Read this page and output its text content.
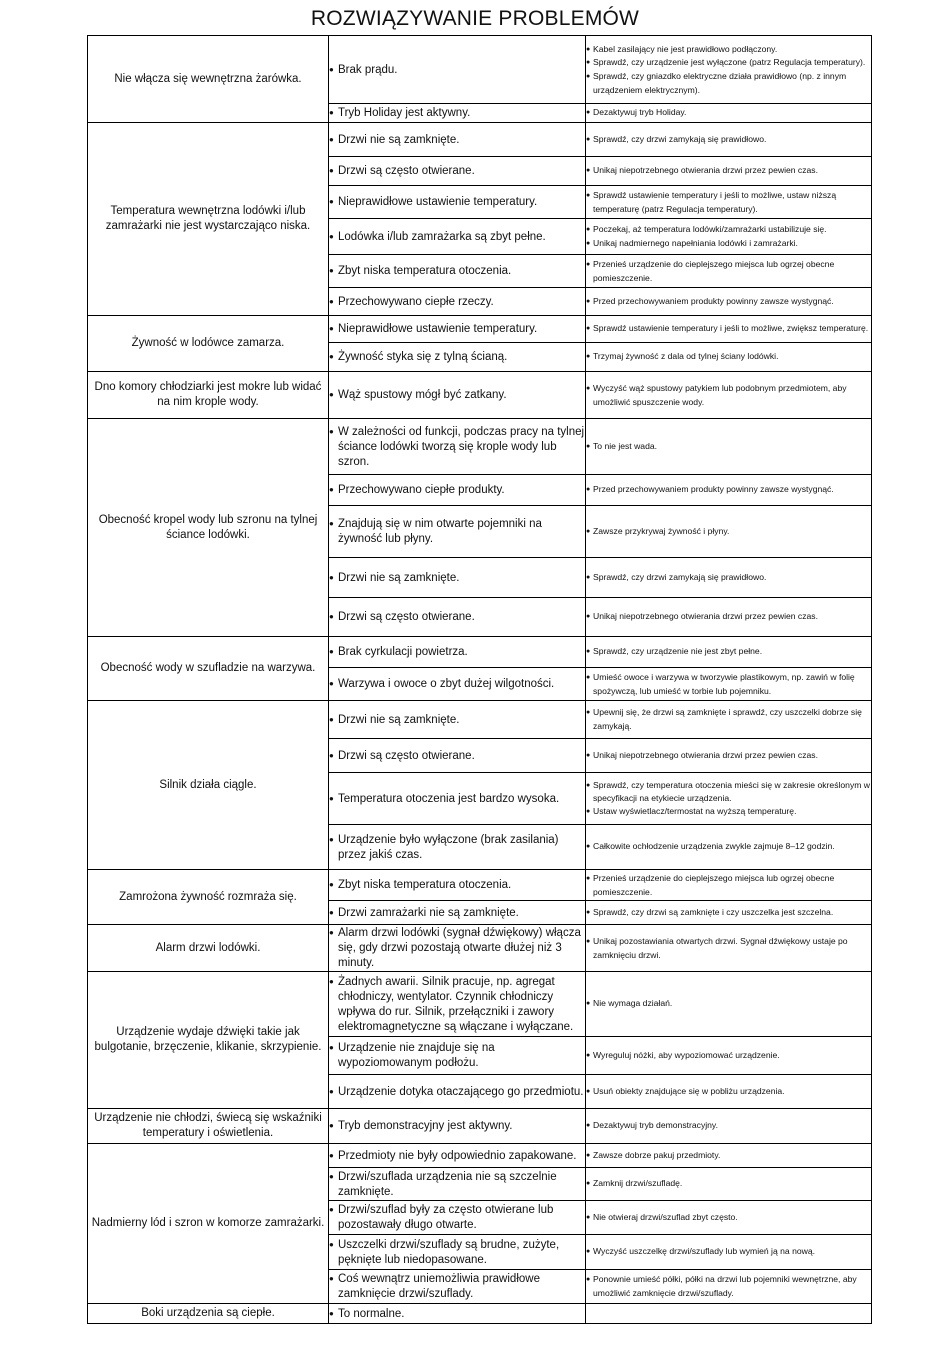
ROZWIĄZYWANIE PROBLEMÓW
Nie włącza się wewnętrzna żarówka.	● Brak prądu.	● Kabel zasilający nie jest prawidłowo podłączony.
● Sprawdź, czy urządzenie jest wyłączone (patrz Regulacja temperatury).
● Sprawdź, czy gniazdko elektryczne działa prawidłowo (np. z innym urządzeniem elektrycznym).

	● Tryb Holiday jest aktywny.	● Dezaktywuj tryb Holiday.

Temperatura wewnętrzna lodówki i/lub zamrażarki nie jest wystarczająco niska.	● Drzwi nie są zamknięte.	● Sprawdź, czy drzwi zamykają się prawidłowo.

	● Drzwi są często otwierane.	● Unikaj niepotrzebnego otwierania drzwi przez pewien czas.

	● Nieprawidłowe ustawienie temperatury.	● Sprawdź ustawienie temperatury i jeśli to możliwe, ustaw niższą temperaturę (patrz Regulacja temperatury).

	● Lodówka i/lub zamrażarka są zbyt pełne.	● Poczekaj, aż temperatura lodówki/zamrażarki ustabilizuje się.
● Unikaj nadmiernego napełniania lodówki i zamrażarki.

	● Zbyt niska temperatura otoczenia.	● Przenieś urządzenie do cieplejszego miejsca lub ogrzej obecne pomieszczenie.

	● Przechowywano ciepłe rzeczy.	● Przed przechowywaniem produkty powinny zawsze wystygnąć.

Żywność w lodówce zamarza.	● Nieprawidłowe ustawienie temperatury.	● Sprawdź ustawienie temperatury i jeśli to możliwe, zwiększ temperaturę.

	● Żywność styka się z tylną ścianą.	● Trzymaj żywność z dala od tylnej ściany lodówki.

Dno komory chłodziarki jest mokre lub widać na nim krople wody.	● Wąż spustowy mógł być zatkany.	● Wyczyść wąż spustowy patykiem lub podobnym przedmiotem, aby umożliwić spuszczenie wody.

Obecność kropel wody lub szronu na tylnej ściance lodówki.	● W zależności od funkcji, podczas pracy na tylnej ściance lodówki tworzą się krople wody lub szron.	● To nie jest wada.

	● Przechowywano ciepłe produkty.	● Przed przechowywaniem produkty powinny zawsze wystygnąć.

	● Znajdują się w nim otwarte pojemniki na żywność lub płyny.	● Zawsze przykrywaj żywność i płyny.

	● Drzwi nie są zamknięte.	● Sprawdź, czy drzwi zamykają się prawidłowo.

	● Drzwi są często otwierane.	● Unikaj niepotrzebnego otwierania drzwi przez pewien czas.

Obecność wody w szufladzie na warzywa.	● Brak cyrkulacji powietrza.	● Sprawdź, czy urządzenie nie jest zbyt pełne.

	● Warzywa i owoce o zbyt dużej wilgotności.	● Umieść owoce i warzywa w tworzywie plastikowym, np. zawiń w folię spożywczą, lub umieść w torbie lub pojemniku.

Silnik działa ciągle.	● Drzwi nie są zamknięte.	● Upewnij się, że drzwi są zamknięte i sprawdź, czy uszczelki dobrze się zamykają.

	● Drzwi są często otwierane.	● Unikaj niepotrzebnego otwierania drzwi przez pewien czas.

	● Temperatura otoczenia jest bardzo wysoka.	● Sprawdź, czy temperatura otoczenia mieści się w zakresie określonym w specyfikacji na etykiecie urządzenia.
● Ustaw wyświetlacz/termostat na wyższą temperaturę.

	● Urządzenie było wyłączone (brak zasilania) przez jakiś czas.	● Całkowite ochłodzenie urządzenia zwykle zajmuje 8–12 godzin.

Zamrożona żywność rozmraża się.	● Zbyt niska temperatura otoczenia.	● Przenieś urządzenie do cieplejszego miejsca lub ogrzej obecne pomieszczenie.

	● Drzwi zamrażarki nie są zamknięte.	● Sprawdź, czy drzwi są zamknięte i czy uszczelka jest szczelna.

Alarm drzwi lodówki.	● Alarm drzwi lodówki (sygnał dźwiękowy) włącza się, gdy drzwi pozostają otwarte dłużej niż 3 minuty.	● Unikaj pozostawiania otwartych drzwi. Sygnał dźwiękowy ustaje po zamknięciu drzwi.

Urządzenie wydaje dźwięki takie jak bulgotanie, brzęczenie, klikanie, skrzypienie.	● Żadnych awarii. Silnik pracuje, np. agregat chłodniczy, wentylator. Czynnik chłodniczy wpływa do rur. Silnik, przełączniki i zawory elektromagnetyczne są włączane i wyłączane.	● Nie wymaga działań.

	● Urządzenie nie znajduje się na wypoziomowanym podłożu.	● Wyreguluj nóżki, aby wypoziomować urządzenie.

	● Urządzenie dotyka otaczającego go przedmiotu.	● Usuń obiekty znajdujące się w pobliżu urządzenia.

Urządzenie nie chłodzi, świecą się wskaźniki temperatury i oświetlenia.	● Tryb demonstracyjny jest aktywny.	● Dezaktywuj tryb demonstracyjny.

Nadmierny lód i szron w komorze zamrażarki.	● Przedmioty nie były odpowiednio zapakowane.	● Zawsze dobrze pakuj przedmioty.

	● Drzwi/szuflada urządzenia nie są szczelnie zamknięte.	● Zamknij drzwi/szufladę.

	● Drzwi/szuflad były za często otwierane lub pozostawały długo otwarte.	● Nie otwieraj drzwi/szuflad zbyt często.

	● Uszczelki drzwi/szuflady są brudne, zużyte, pęknięte lub niedopasowane.	● Wyczyść uszczelkę drzwi/szuflady lub wymień ją na nową.

	● Coś wewnątrz uniemożliwia prawidłowe zamknięcie drzwi/szuflady.	● Ponownie umieść półki, półki na drzwi lub pojemniki wewnętrzne, aby umożliwić zamknięcie drzwi/szuflady.

Boki urządzenia są ciepłe.	● To normalne.
